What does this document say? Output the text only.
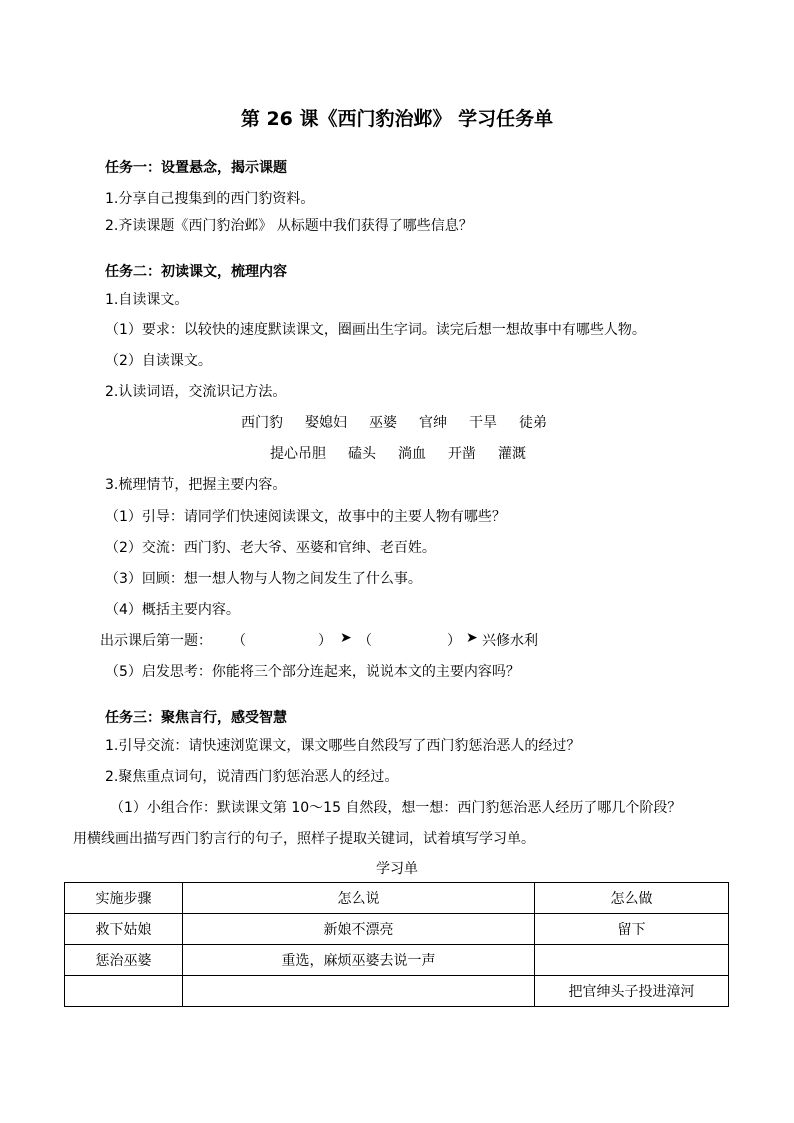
第 26 课《西门豹治邺》 学习任务单
任务一：设置悬念，揭示课题
1.分享自己搜集到的西门豹资料。
2.齐读课题《西门豹治邺》 从标题中我们获得了哪些信息？
任务二：初读课文，梳理内容
1.自读课文。
（1）要求：以较快的速度默读课文，圈画出生字词。读完后想一想故事中有哪些人物。
（2）自读课文。
2.认读词语，交流识记方法。
西门豹 娶媳妇 巫婆 官绅 干旱 徒弟
提心吊胆 磕头 淌血 开凿 灌溉
3.梳理情节，把握主要内容。
（1）引导：请同学们快速阅读课文，故事中的主要人物有哪些？
（2）交流：西门豹、老大爷、巫婆和官绅、老百姓。
（3）回顾：想一想人物与人物之间发生了什么事。
（4）概括主要内容。
出示课后第一题： （	） ➤ （	） ➤ 兴修水利
（5）启发思考：你能将三个部分连起来，说说本文的主要内容吗？
任务三：聚焦言行，感受智慧
1.引导交流：请快速浏览课文，课文哪些自然段写了西门豹惩治恶人的经过？
2.聚焦重点词句，说清西门豹惩治恶人的经过。
（1）小组合作：默读课文第 10～15 自然段，想一想：西门豹惩治恶人经历了哪几个阶段？
用横线画出描写西门豹言行的句子，照样子提取关键词，试着填写学习单。
学习单
实施步骤	怎么说	怎么做
救下姑娘	新娘不漂亮	留下
惩治巫婆	重选，麻烦巫婆去说一声	
		把官绅头子投进漳河
